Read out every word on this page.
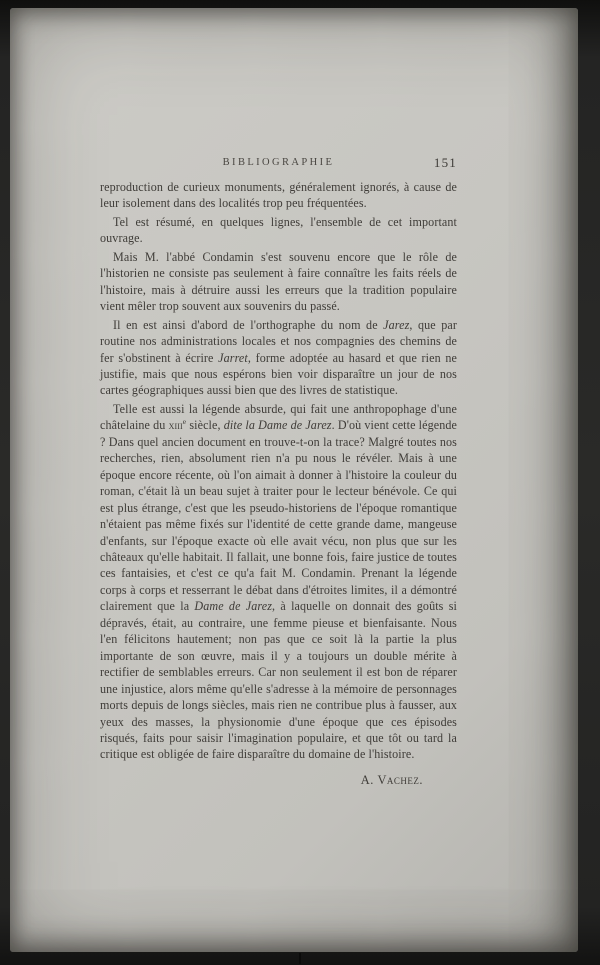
BIBLIOGRAPHIE	151

reproduction de curieux monuments, généralement ignorés, à cause de leur isolement dans des localités trop peu fréquentées.

Tel est résumé, en quelques lignes, l'ensemble de cet important ouvrage.

Mais M. l'abbé Condamin s'est souvenu encore que le rôle de l'historien ne consiste pas seulement à faire connaître les faits réels de l'histoire, mais à détruire aussi les erreurs que la tradition populaire vient mêler trop souvent aux souvenirs du passé.

Il en est ainsi d'abord de l'orthographe du nom de Jarez, que par routine nos administrations locales et nos compagnies des chemins de fer s'obstinent à écrire Jarret, forme adoptée au hasard et que rien ne justifie, mais que nous espérons bien voir disparaître un jour de nos cartes géographiques aussi bien que des livres de statistique.

Telle est aussi la légende absurde, qui fait une anthropophage d'une châtelaine du xiii$^e$ siècle, dite la Dame de Jarez. D'où vient cette légende ? Dans quel ancien document en trouve-t-on la trace? Malgré toutes nos recherches, rien, absolument rien n'a pu nous le révéler. Mais à une époque encore récente, où l'on aimait à donner à l'histoire la couleur du roman, c'était là un beau sujet à traiter pour le lecteur bénévole. Ce qui est plus étrange, c'est que les pseudo-historiens de l'époque romantique n'étaient pas même fixés sur l'identité de cette grande dame, mangeuse d'enfants, sur l'époque exacte où elle avait vécu, non plus que sur les châteaux qu'elle habitait. Il fallait, une bonne fois, faire justice de toutes ces fantaisies, et c'est ce qu'a fait M. Condamin. Prenant la légende corps à corps et resserrant le débat dans d'étroites limites, il a démontré clairement que la Dame de Jarez, à laquelle on donnait des goûts si dépravés, était, au contraire, une femme pieuse et bienfaisante. Nous l'en félicitons hautement; non pas que ce soit là la partie la plus importante de son œuvre, mais il y a toujours un double mérite à rectifier de semblables erreurs. Car non seulement il est bon de réparer une injustice, alors même qu'elle s'adresse à la mémoire de personnages morts depuis de longs siècles, mais rien ne contribue plus à fausser, aux yeux des masses, la physionomie d'une époque que ces épisodes risqués, faits pour saisir l'imagination populaire, et que tôt ou tard la critique est obligée de faire disparaître du domaine de l'histoire.

A. Vachez.
